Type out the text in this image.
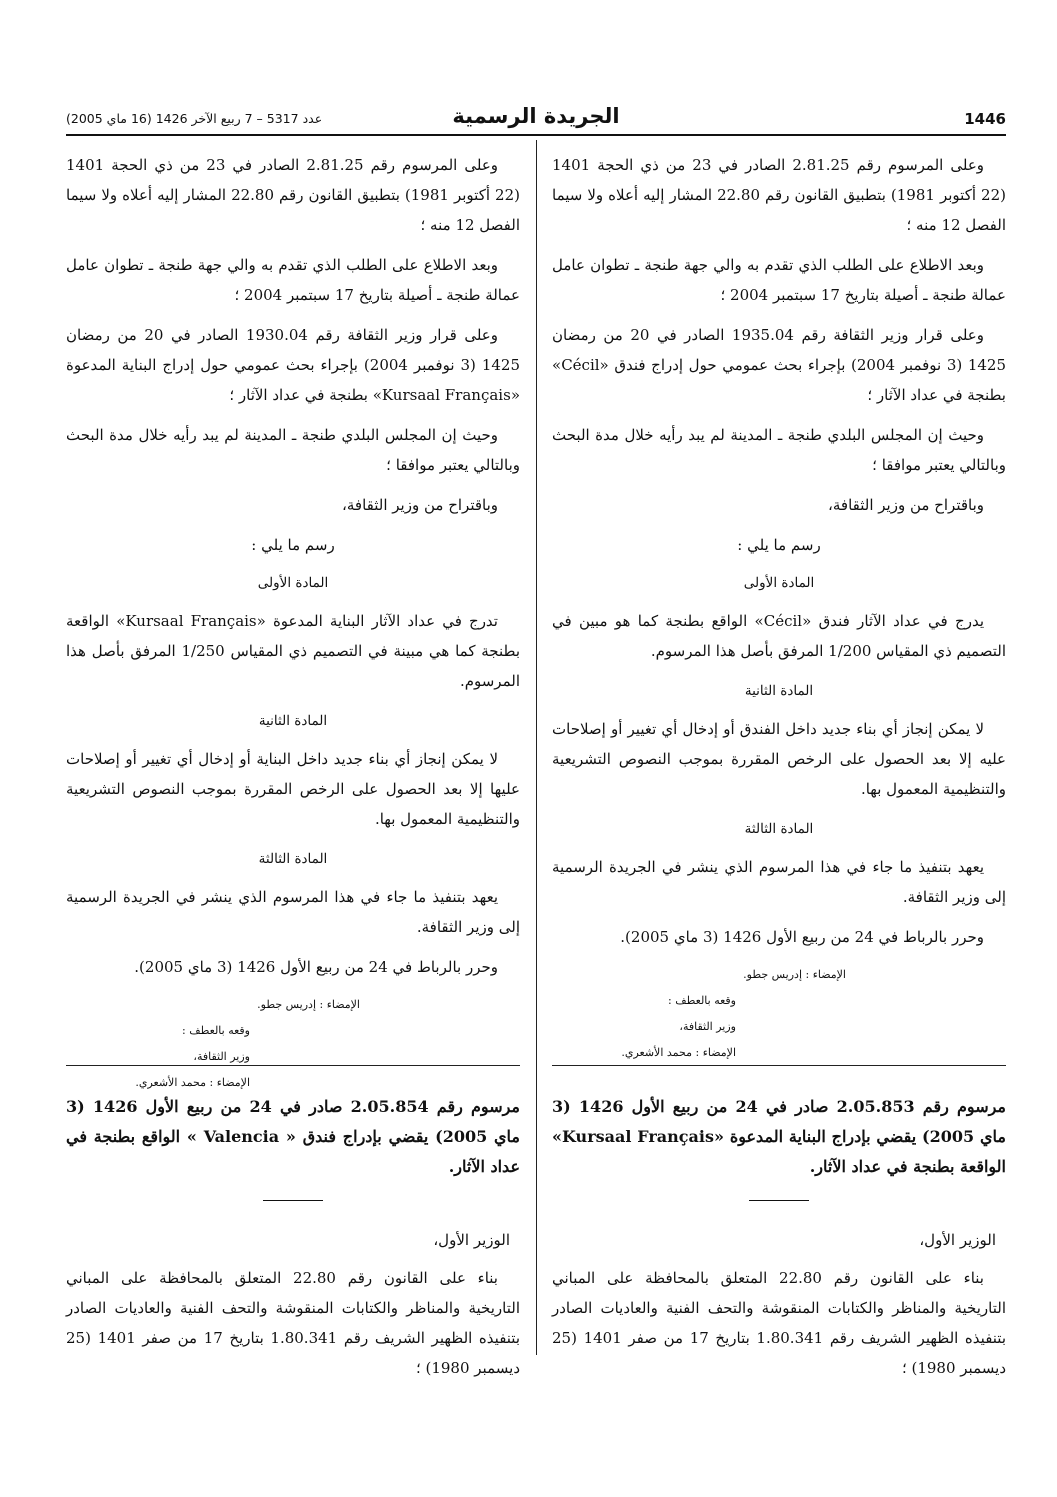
1446
الجريدة الرسمية
عدد 5317 – 7 ربيع الآخر 1426 (16 ماي 2005)

وعلى المرسوم رقم 2.81.25 الصادر في 23 من ذي الحجة 1401 (22 أكتوبر 1981) بتطبيق القانون رقم 22.80 المشار إليه أعلاه ولا سيما الفصل 12 منه ؛

وبعد الاطلاع على الطلب الذي تقدم به والي جهة طنجة ـ تطوان عامل عمالة طنجة ـ أصيلة بتاريخ 17 سبتمبر 2004 ؛

وعلى قرار وزير الثقافة رقم 1935.04 الصادر في 20 من رمضان 1425 (3 نوفمبر 2004) بإجراء بحث عمومي حول إدراج فندق «Cécil» بطنجة في عداد الآثار ؛

وحيث إن المجلس البلدي طنجة ـ المدينة لم يبد رأيه خلال مدة البحث وبالتالي يعتبر موافقا ؛

وباقتراح من وزير الثقافة،

رسم ما يلي :

المادة الأولى

يدرج في عداد الآثار فندق «Cécil» الواقع بطنجة كما هو مبين في التصميم ذي المقياس 1/200 المرفق بأصل هذا المرسوم.

المادة الثانية

لا يمكن إنجاز أي بناء جديد داخل الفندق أو إدخال أي تغيير أو إصلاحات عليه إلا بعد الحصول على الرخص المقررة بموجب النصوص التشريعية والتنظيمية المعمول بها.

المادة الثالثة

يعهد بتنفيذ ما جاء في هذا المرسوم الذي ينشر في الجريدة الرسمية إلى وزير الثقافة.

وحرر بالرباط في 24 من ربيع الأول 1426 (3 ماي 2005).

الإمضاء : إدريس جطو.

وقعه بالعطف :

وزير الثقافة،

الإمضاء : محمد الأشعري.

وعلى المرسوم رقم 2.81.25 الصادر في 23 من ذي الحجة 1401 (22 أكتوبر 1981) بتطبيق القانون رقم 22.80 المشار إليه أعلاه ولا سيما الفصل 12 منه ؛

وبعد الاطلاع على الطلب الذي تقدم به والي جهة طنجة ـ تطوان عامل عمالة طنجة ـ أصيلة بتاريخ 17 سبتمبر 2004 ؛

وعلى قرار وزير الثقافة رقم 1930.04 الصادر في 20 من رمضان 1425 (3 نوفمبر 2004) بإجراء بحث عمومي حول إدراج البناية المدعوة «Kursaal Français» بطنجة في عداد الآثار ؛

وحيث إن المجلس البلدي طنجة ـ المدينة لم يبد رأيه خلال مدة البحث وبالتالي يعتبر موافقا ؛

وباقتراح من وزير الثقافة،

رسم ما يلي :

المادة الأولى

تدرج في عداد الآثار البناية المدعوة «Kursaal Français» الواقعة بطنجة كما هي مبينة في التصميم ذي المقياس 1/250 المرفق بأصل هذا المرسوم.

المادة الثانية

لا يمكن إنجاز أي بناء جديد داخل البناية أو إدخال أي تغيير أو إصلاحات عليها إلا بعد الحصول على الرخص المقررة بموجب النصوص التشريعية والتنظيمية المعمول بها.

المادة الثالثة

يعهد بتنفيذ ما جاء في هذا المرسوم الذي ينشر في الجريدة الرسمية إلى وزير الثقافة.

وحرر بالرباط في 24 من ربيع الأول 1426 (3 ماي 2005).

الإمضاء : إدريس جطو.

وقعه بالعطف :

وزير الثقافة،

الإمضاء : محمد الأشعري.

مرسوم رقم 2.05.853 صادر في 24 من ربيع الأول 1426 (3 ماي 2005) يقضي بإدراج البناية المدعوة «Kursaal Français» الواقعة بطنجة في عداد الآثار.

الوزير الأول،

بناء على القانون رقم 22.80 المتعلق بالمحافظة على المباني التاريخية والمناظر والكتابات المنقوشة والتحف الفنية والعاديات الصادر بتنفيذه الظهير الشريف رقم 1.80.341 بتاريخ 17 من صفر 1401 (25 ديسمبر 1980) ؛

مرسوم رقم 2.05.854 صادر في 24 من ربيع الأول 1426 (3 ماي 2005) يقضي بإدراج فندق « Valencia » الواقع بطنجة في عداد الآثار.

الوزير الأول،

بناء على القانون رقم 22.80 المتعلق بالمحافظة على المباني التاريخية والمناظر والكتابات المنقوشة والتحف الفنية والعاديات الصادر بتنفيذه الظهير الشريف رقم 1.80.341 بتاريخ 17 من صفر 1401 (25 ديسمبر 1980) ؛
